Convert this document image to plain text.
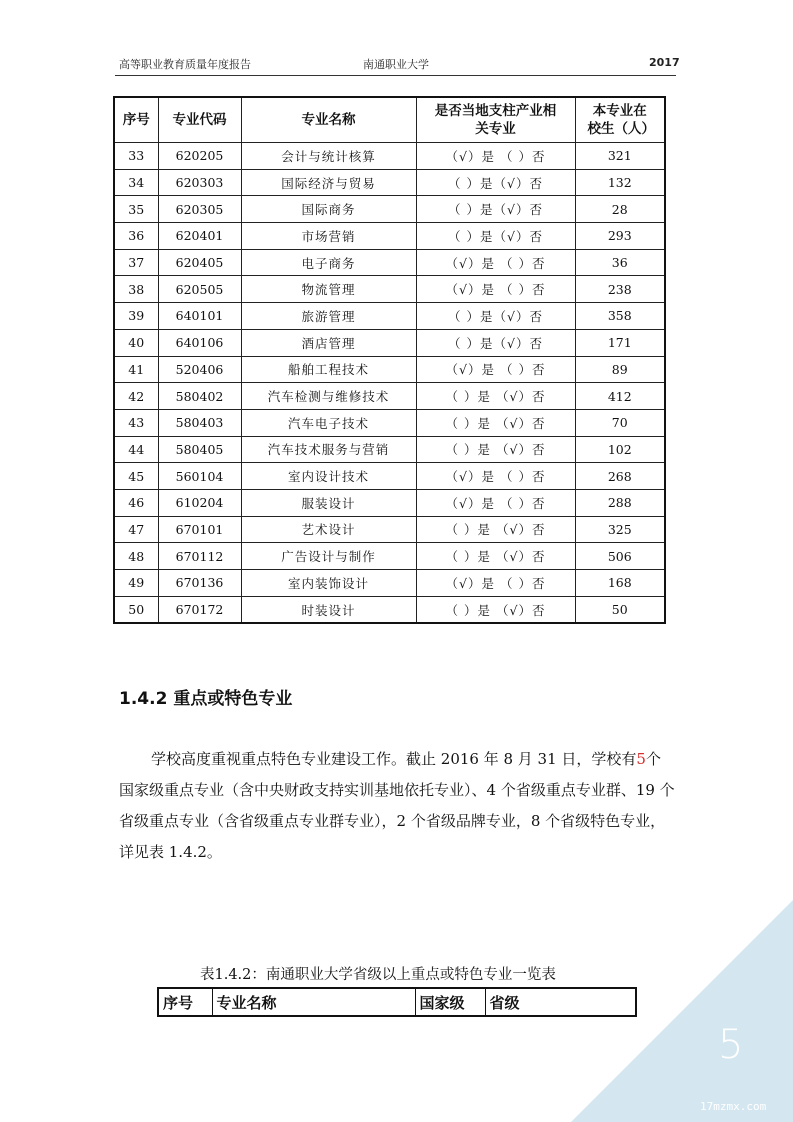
高等职业教育质量年度报告	南通职业大学	2017
序号	专业代码	专业名称	是否当地支柱产业相关专业	本专业在校生（人）
33	620205	会计与统计核算	（√）是 （ ）否	321
34	620303	国际经济与贸易	（ ）是（√）否	132
35	620305	国际商务	（ ）是（√）否	28
36	620401	市场营销	（ ）是（√）否	293
37	620405	电子商务	（√）是 （ ）否	36
38	620505	物流管理	（√）是 （ ）否	238
39	640101	旅游管理	（ ）是（√）否	358
40	640106	酒店管理	（ ）是（√）否	171
41	520406	船舶工程技术	（√）是 （ ）否	89
42	580402	汽车检测与维修技术	（ ）是 （√）否	412
43	580403	汽车电子技术	（ ）是 （√）否	70
44	580405	汽车技术服务与营销	（ ）是 （√）否	102
45	560104	室内设计技术	（√）是 （ ）否	268
46	610204	服装设计	（√）是 （ ）否	288
47	670101	艺术设计	（ ）是 （√）否	325
48	670112	广告设计与制作	（ ）是 （√）否	506
49	670136	室内装饰设计	（√）是 （ ）否	168
50	670172	时装设计	（ ）是 （√）否	50
1.4.2 重点或特色专业

学校高度重视重点特色专业建设工作。截止 2016 年 8 月 31 日，学校有5个国家级重点专业（含中央财政支持实训基地依托专业）、4 个省级重点专业群、19 个省级重点专业（含省级重点专业群专业），2 个省级品牌专业，8 个省级特色专业，详见表 1.4.2。

表1.4.2：南通职业大学省级以上重点或特色专业一览表
序号	专业名称	国家级	省级
5
17mzmx.com
